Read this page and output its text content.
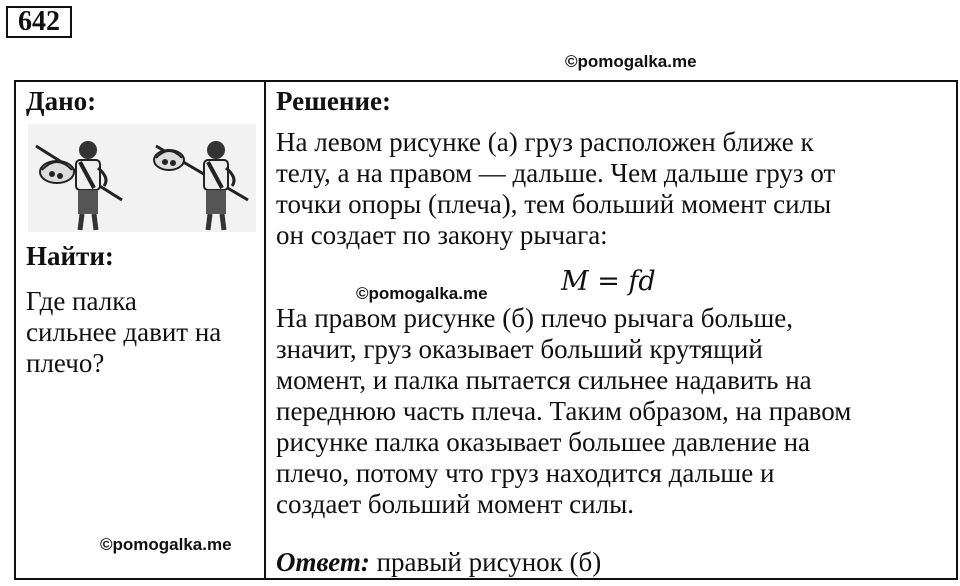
642
©pomogalka.me
Дано:
Найти:
Где палка
сильнее давит на
плечо?
Решение:
На левом рисунке (а) груз расположен ближе к
телу, а на правом — дальше. Чем дальше груз от
точки опоры (плеча), тем больший момент силы
он создает по закону рычага:
M = fd
©pomogalka.me
На правом рисунке (б) плечо рычага больше,
значит, груз оказывает больший крутящий
момент, и палка пытается сильнее надавить на
переднюю часть плеча. Таким образом, на правом
рисунке палка оказывает большее давление на
плечо, потому что груз находится дальше и
создает больший момент силы.
Ответ: правый рисунок (б)
©pomogalka.me
